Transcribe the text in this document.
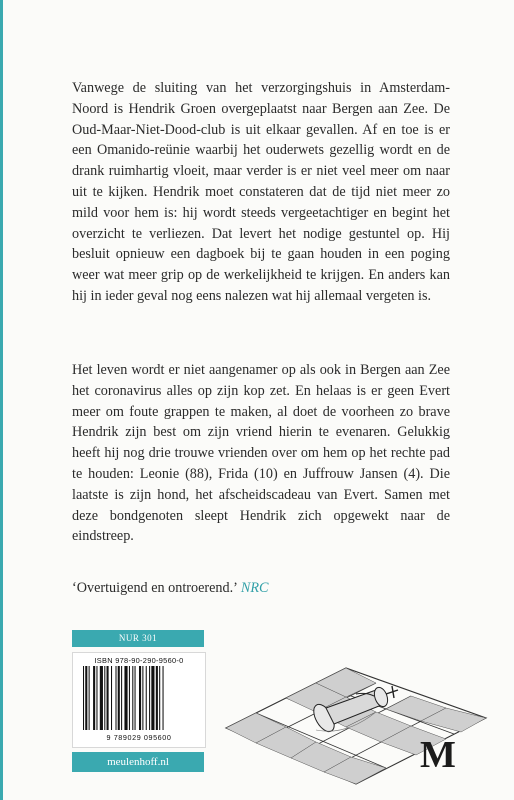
Vanwege de sluiting van het verzorgingshuis in Amsterdam-Noord is Hendrik Groen overgeplaatst naar Bergen aan Zee. De Oud-Maar-Niet-Dood-club is uit elkaar gevallen. Af en toe is er een Omanido-reünie waarbij het ouderwets gezellig wordt en de drank ruimhartig vloeit, maar verder is er niet veel meer om naar uit te kijken. Hendrik moet constateren dat de tijd niet meer zo mild voor hem is: hij wordt steeds vergeetachtiger en begint het overzicht te verliezen. Dat levert het nodige gestuntel op. Hij besluit opnieuw een dagboek bij te gaan houden in een poging weer wat meer grip op de werkelijkheid te krijgen. En anders kan hij in ieder geval nog eens nalezen wat hij allemaal vergeten is.

Het leven wordt er niet aangenamer op als ook in Bergen aan Zee het coronavirus alles op zijn kop zet. En helaas is er geen Evert meer om foute grappen te maken, al doet de voorheen zo brave Hendrik zijn best om zijn vriend hierin te evenaren. Gelukkig heeft hij nog drie trouwe vrienden over om hem op het rechte pad te houden: Leonie (88), Frida (10) en Juffrouw Jansen (4). Die laatste is zijn hond, het afscheidscadeau van Evert. Samen met deze bondgenoten sleept Hendrik zich opgewekt naar de eindstreep.

‘Overtuigend en ontroerend.’ NRC

NUR 301
ISBN 978-90-290-9560-0
9 789029 095600
meulenhoff.nl	M
